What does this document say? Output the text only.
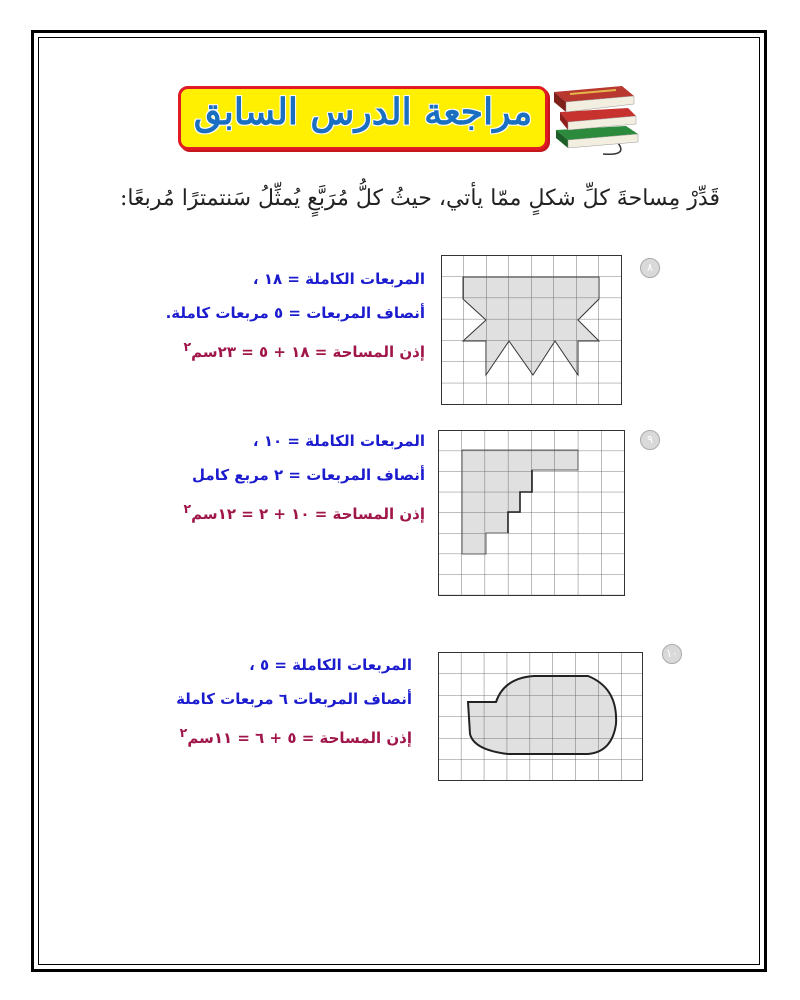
مراجعة الدرس السابق
قَدِّرْ مِساحةَ كلِّ شكلٍ ممّا يأتي، حيثُ كلُّ مُرَبَّعٍ يُمثِّلُ سَنتمترًا مُربعًا:
٨
المربعات الكاملة = ١٨ ،
أنصاف المربعات = ٥ مربعات كاملة.
إذن المساحة = ١٨ + ٥ = ٢٣سم$^٢$
٩
المربعات الكاملة = ١٠ ،
أنصاف المربعات = ٢ مربع كامل
إذن المساحة = ١٠ + ٢ = ١٢سم$^٢$
١٠
المربعات الكاملة = ٥ ،
أنصاف المربعات ٦ مربعات كاملة
إذن المساحة = ٥ + ٦ = ١١سم$^٢$
